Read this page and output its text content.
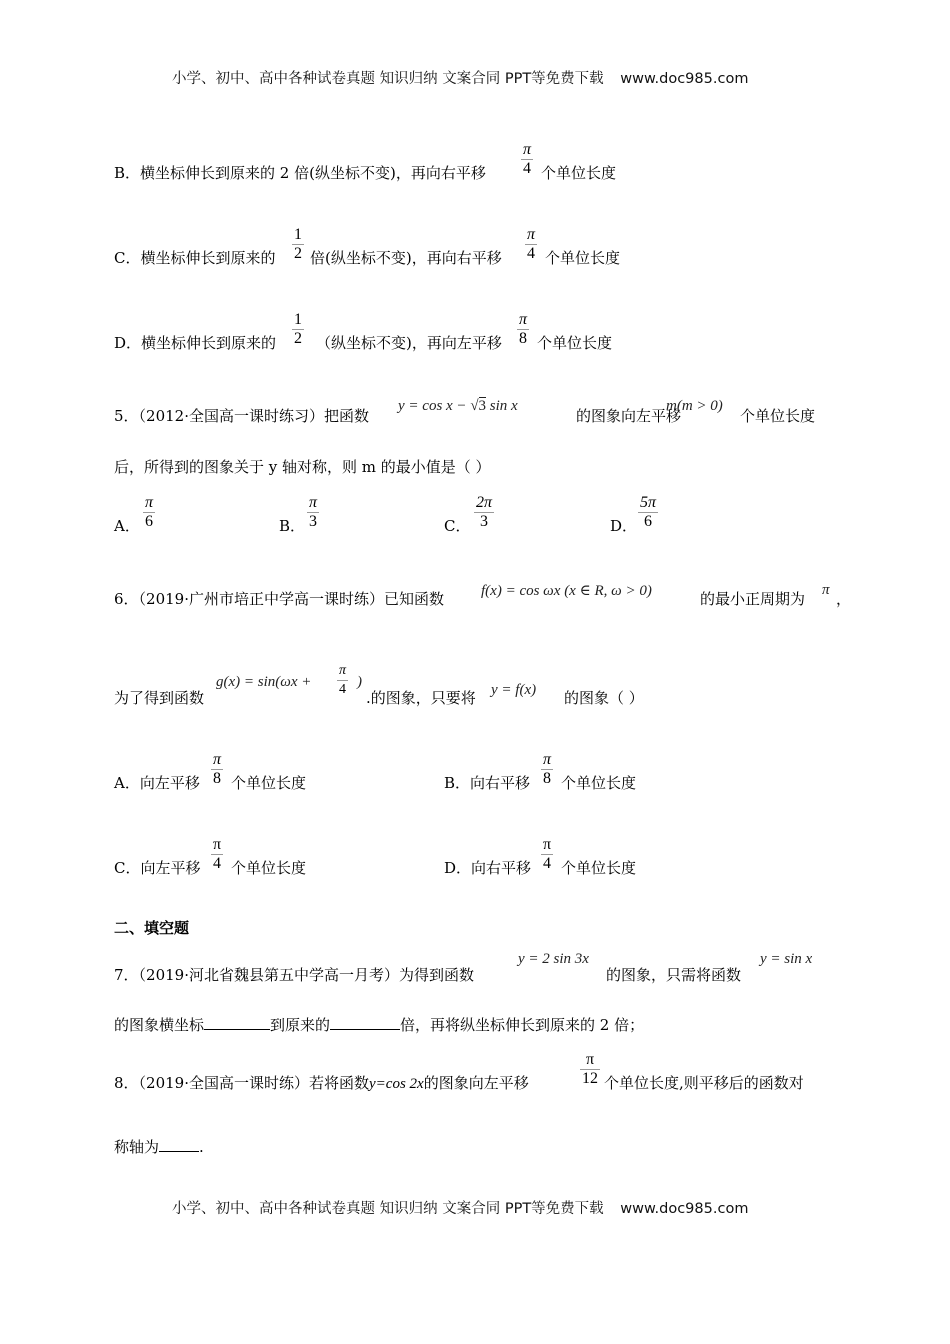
小学、初中、高中各种试卷真题 知识归纳 文案合同 PPT等免费下载 www.doc985.com
B．横坐标伸长到原来的 2 倍(纵坐标不变)，再向右平移 $\frac{\pi}{4}$ 个单位长度
C．横坐标伸长到原来的 $\frac{1}{2}$ 倍(纵坐标不变)，再向右平移 $\frac{\pi}{4}$ 个单位长度
D．横坐标伸长到原来的 $\frac{1}{2}$ （纵坐标不变)，再向左平移 $\frac{\pi}{8}$ 个单位长度
5．（2012·全国高一课时练习）把函数
y = cos x − √3 sin x
的图象向左平移
m(m > 0)
个单位长度
后，所得到的图象关于 y 轴对称，则 m 的最小值是（ ）
A． $\frac{\pi}{6}$	B． $\frac{\pi}{3}$	C． $\frac{2\pi}{3}$	D． $\frac{5\pi}{6}$
6．（2019·广州市培正中学高一课时练）已知函数 f(x) = cos ωx (x ∈ R, ω > 0)	的最小正周期为 π ，
为了得到函数
$g(x) = \sin(\omega x + \frac{\pi}{4}$ )
.的图象，只要将 y = f(x) 的图象（ ）
A．向左平移 $\frac{\pi}{8}$ 个单位长度	B．向右平移 $\frac{\pi}{8}$ 个单位长度
C．向左平移 $\frac{\pi}{4}$ 个单位长度	D．向右平移 $\frac{\pi}{4}$ 个单位长度
二、填空题
7．（2019·河北省魏县第五中学高一月考）为得到函数
y = 2 sin 3x
的图象，只需将函数
y = sin x
的图象横坐标	到原来的	倍，再将纵坐标伸长到原来的 2 倍；
8．（2019·全国高一课时练）若将函数y=cos 2x的图象向左平移	$\frac{\pi}{12}$ 个单位长度,则平移后的函数对
称轴为	.
小学、初中、高中各种试卷真题 知识归纳 文案合同 PPT等免费下载 www.doc985.com
